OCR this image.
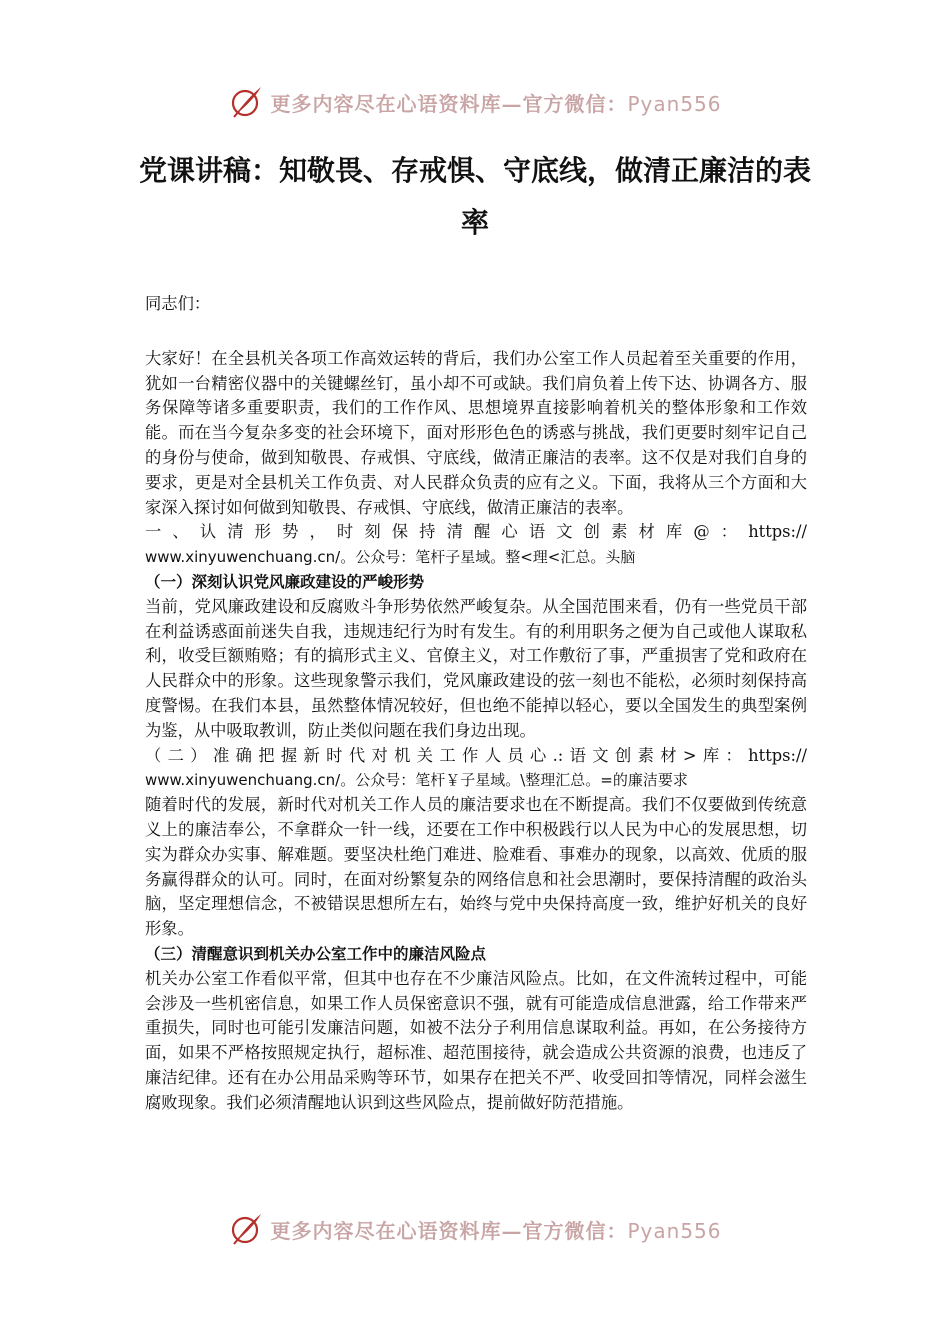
更多内容尽在心语资料库—官方微信：Pyan556
党课讲稿：知敬畏、存戒惧、守底线，做清正廉洁的表率

同志们：

大家好！在全县机关各项工作高效运转的背后，我们办公室工作人员起着至关重要的作用，犹如一台精密仪器中的关键螺丝钉，虽小却不可或缺。我们肩负着上传下达、协调各方、服务保障等诸多重要职责，我们的工作作风、思想境界直接影响着机关的整体形象和工作效能。而在当今复杂多变的社会环境下，面对形形色色的诱惑与挑战，我们更要时刻牢记自己的身份与使命，做到知敬畏、存戒惧、守底线，做清正廉洁的表率。这不仅是对我们自身的要求，更是对全县机关工作负责、对人民群众负责的应有之义。下面，我将从三个方面和大家深入探讨如何做到知敬畏、存戒惧、守底线，做清正廉洁的表率。

一、认清形势，时刻保持清醒心语文创素材库@：https://

www.xinyuwenchuang.cn/。公众号：笔杆子星域。整<理<汇总。头脑

（一）深刻认识党风廉政建设的严峻形势

当前，党风廉政建设和反腐败斗争形势依然严峻复杂。从全国范围来看，仍有一些党员干部在利益诱惑面前迷失自我，违规违纪行为时有发生。有的利用职务之便为自己或他人谋取私利，收受巨额贿赂；有的搞形式主义、官僚主义，对工作敷衍了事，严重损害了党和政府在人民群众中的形象。这些现象警示我们，党风廉政建设的弦一刻也不能松，必须时刻保持高度警惕。在我们本县，虽然整体情况较好，但也绝不能掉以轻心，要以全国发生的典型案例为鉴，从中吸取教训，防止类似问题在我们身边出现。

（二）准确把握新时代对机关工作人员心.:语文创素材>库：https://

www.xinyuwenchuang.cn/。公众号：笔杆￥子星域。\整理汇总。=的廉洁要求

随着时代的发展，新时代对机关工作人员的廉洁要求也在不断提高。我们不仅要做到传统意义上的廉洁奉公，不拿群众一针一线，还要在工作中积极践行以人民为中心的发展思想，切实为群众办实事、解难题。要坚决杜绝门难进、脸难看、事难办的现象，以高效、优质的服务赢得群众的认可。同时，在面对纷繁复杂的网络信息和社会思潮时，要保持清醒的政治头脑，坚定理想信念，不被错误思想所左右，始终与党中央保持高度一致，维护好机关的良好形象。

（三）清醒意识到机关办公室工作中的廉洁风险点

机关办公室工作看似平常，但其中也存在不少廉洁风险点。比如，在文件流转过程中，可能会涉及一些机密信息，如果工作人员保密意识不强，就有可能造成信息泄露，给工作带来严重损失，同时也可能引发廉洁问题，如被不法分子利用信息谋取利益。再如，在公务接待方面，如果不严格按照规定执行，超标准、超范围接待，就会造成公共资源的浪费，也违反了廉洁纪律。还有在办公用品采购等环节，如果存在把关不严、收受回扣等情况，同样会滋生腐败现象。我们必须清醒地认识到这些风险点，提前做好防范措施。

更多内容尽在心语资料库—官方微信：Pyan556
